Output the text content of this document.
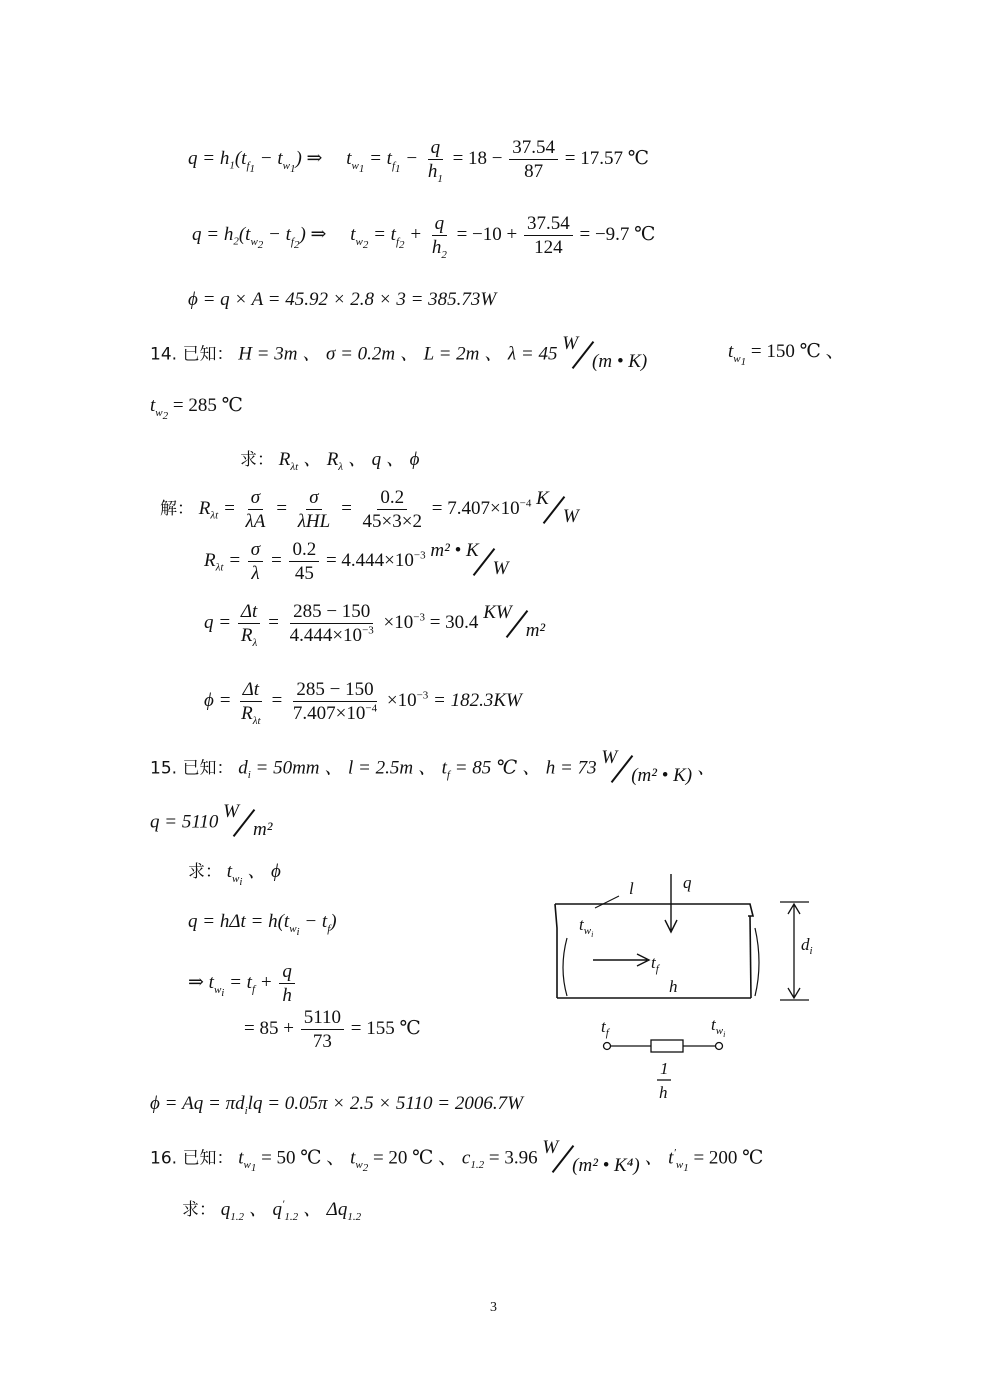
$q = h_1(t_{f_1} - t_{w_1})$ ⇒     $t_{w_1} = t_{f_1} - \frac{q}{h_1} = 18 - \frac{37.54}{87} = 17.57$ ℃
$q = h_2(t_{w_2} - t_{f_2})$ ⇒     $t_{w_2} = t_{f_2} + \frac{q}{h_2} = -10 + \frac{37.54}{124} = -9.7$ ℃
ϕ = q × A = 45.92 × 2.8 × 3 = 385.73W
14. 已知： H = 3m 、 σ = 0.2m 、 L = 2m 、 λ = 45 W(m • K)	$t_{w_1} = 150$ ℃ 、
$t_{w_2} = 285$ ℃
求： $R_{\lambda t}$ 、 $R_\lambda$ 、 q 、 ϕ
解： $R_{\lambda t} = \frac{\sigma}{\lambda A} = \frac{\sigma}{\text{λHL}} = \frac{0.2}{45\times 3\times 2} = 7.407\times 10^{-4}$ KW
$R_{\lambda t} = \frac{\sigma}{\lambda} = \frac{0.2}{45} = 4.444\times 10^{-3}$ m² • KW
$q = \frac{\Delta t}{R_\lambda} = \frac{285 - 150}{4.444\times 10^{-3}} \times 10^{-3} = 30.4$ KWm²
$\phi = \frac{\Delta t}{R_{\lambda t}} = \frac{285 - 150}{7.407\times 10^{-4}} \times 10^{-3} = 182.3KW$
15. 已知： $d_i = 50mm$ 、 l = 2.5m 、 $t_f = 85$ ℃ 、 h = 73 W(m² • K) 、
q = 5110 Wm²
求： $t_{w_i}$ 、 ϕ
$q = h\Delta t = h(t_{w_i} - t_f)$
⇒ $t_{w_i} = t_f + \frac{q}{h}$
= $85 + \frac{5110}{73} = 155$ ℃
$\phi = Aq = \pi d_ilq = 0.05\pi \times 2.5 \times 5110 = 2006.7W$
l	q
$t_wi$
$t_f$
h
$d_i$
$t_f$	$t_wi$
1
h
16. 已知： $t_{w_1} = 50$ ℃ 、 $t_{w_2} = 20$ ℃ 、 $c_{1.2} = 3.96$ W(m² • K⁴) 、 $t'_{w_1} = 200$ ℃
求： $q_{1.2}$ 、 $q'_{1.2}$ 、 $\Delta q_{1.2}$
3
